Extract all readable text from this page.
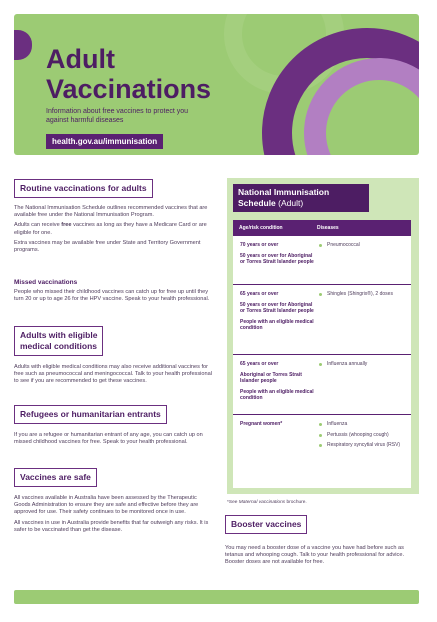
Adult
Vaccinations
Information about free vaccines to protect you against harmful diseases
health.gov.au/immunisation
Routine vaccinations for adults

The National Immunisation Schedule outlines recommended vaccines that are available free under the National Immunisation Program.

Adults can receive free vaccines as long as they have a Medicare Card or are eligible for one.

Extra vaccines may be available free under State and Territory Government programs.

Missed vaccinations
People who missed their childhood vaccines can catch up for free up until they turn 20 or up to age 26 for the HPV vaccine. Speak to your health professional.
Adults with eligible
medical conditions
Adults with eligible medical conditions may also receive additional vaccines for free such as pneumococcal and meningococcal. Talk to your health professional to see if you are recommended to get these vaccines.
Refugees or humanitarian entrants
If you are a refugee or humanitarian entrant of any age, you can catch up on missed childhood vaccines for free. Speak to your health professional.
Vaccines are safe

All vaccines available in Australia have been assessed by the Therapeutic Goods Administration to ensure they are safe and effective before they are approved for use. Their safety continues to be monitored once in use.

All vaccines in use in Australia provide benefits that far outweigh any risks. It is safer to be vaccinated than get the disease.

National Immunisation Schedule (Adult)
Age/risk condition	Diseases
70 years or over
50 years or over for Aboriginal or Torres Strait Islander people
Pneumococcal
65 years or over
50 years or over for Aboriginal or Torres Strait Islander people
People with an eligible medical condition
Shingles (Shingrix®), 2 doses
65 years or over
Aboriginal or Torres Strait Islander people
People with an eligible medical condition
Influenza annually
Pregnant women*	Influenza
Pertussis (whooping cough)
Respiratory syncytial virus (RSV)
*See Maternal vaccinations brochure.
Booster vaccines
You may need a booster dose of a vaccine you have had before such as tetanus and whooping cough. Talk to your health professional for advice. Booster doses are not available for free.
